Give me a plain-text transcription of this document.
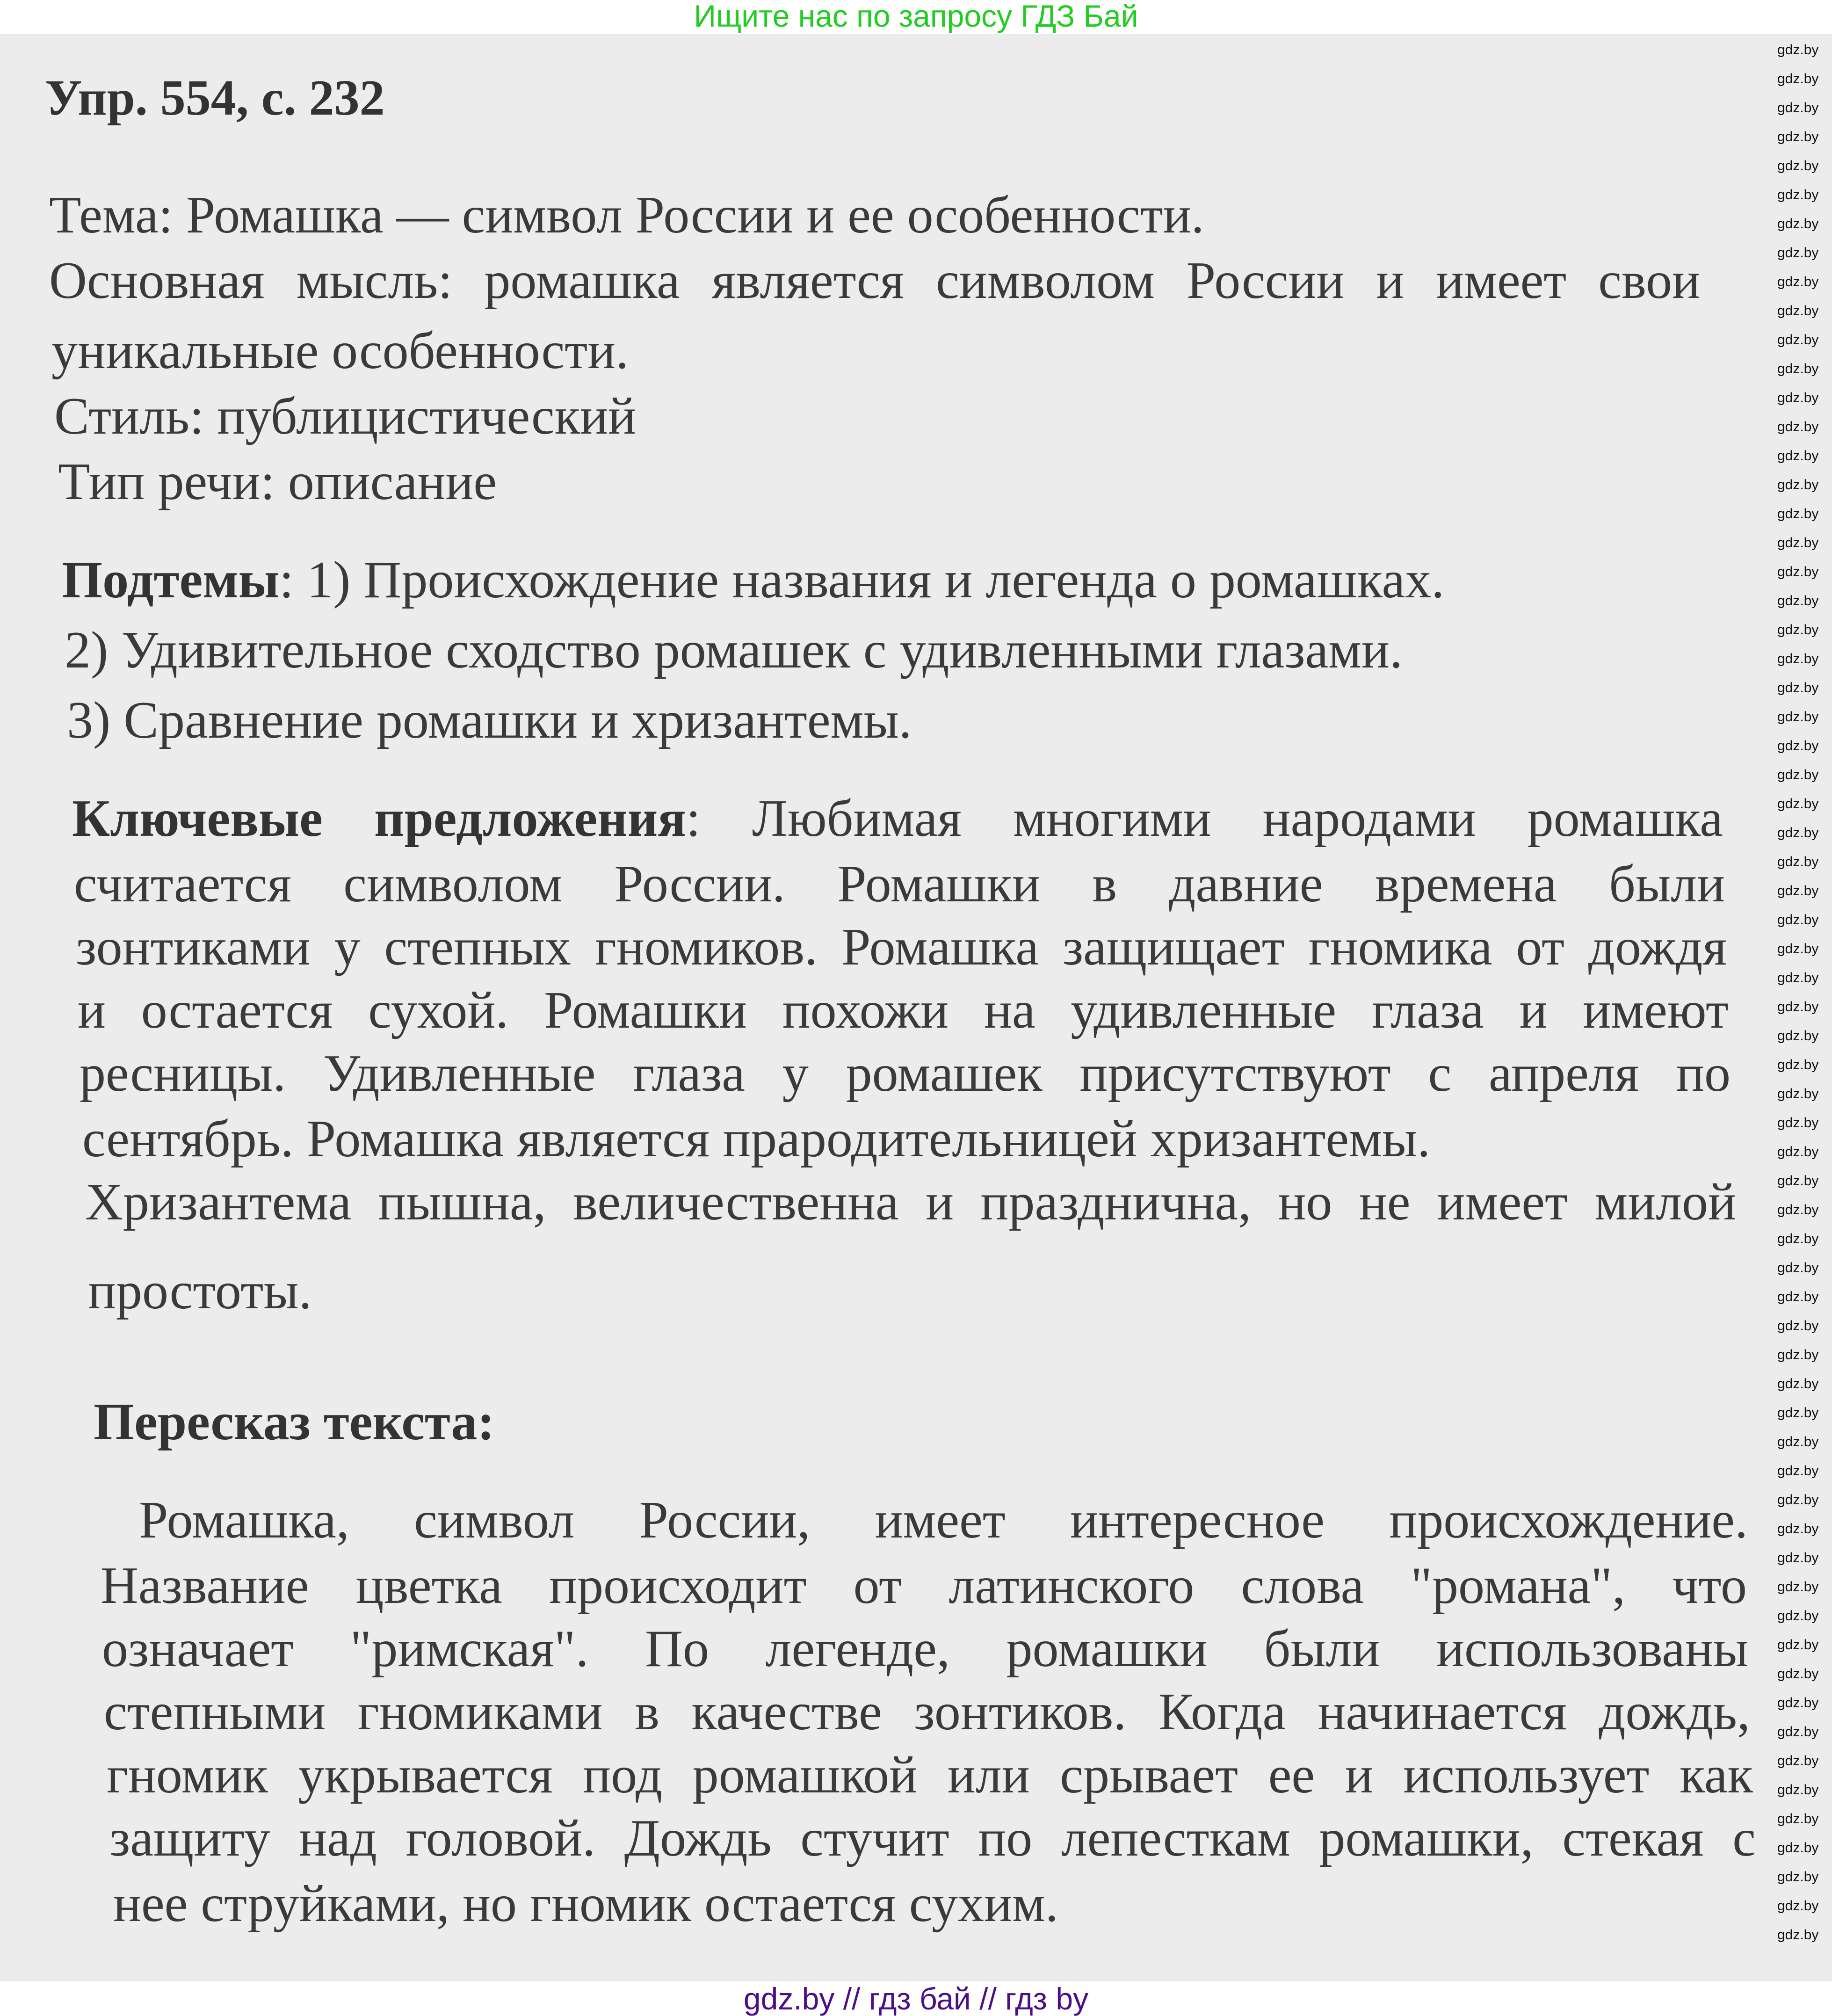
Ищите нас по запросу ГДЗ Бай
Упр. 554, с. 232
Тема: Ромашка — символ России и ее особенности.
Основная мысль: ромашка является символом России и имеет свои
уникальные особенности.
Стиль: публицистический
Тип речи: описание
Подтемы: 1) Происхождение названия и легенда о ромашках.
2) Удивительное сходство ромашек с удивленными глазами.
3) Сравнение ромашки и хризантемы.
Ключевые предложения: Любимая многими народами ромашка
считается символом России. Ромашки в давние времена были
зонтиками у степных гномиков. Ромашка защищает гномика от дождя
и остается сухой. Ромашки похожи на удивленные глаза и имеют
ресницы. Удивленные глаза у ромашек присутствуют с апреля по
сентябрь. Ромашка является прародительницей хризантемы.
Хризантема пышна, величественна и празднична, но не имеет милой
простоты.
Пересказ текста:
Ромашка, символ России, имеет интересное происхождение.
Название цветка происходит от латинского слова "романа", что
означает "римская". По легенде, ромашки были использованы
степными гномиками в качестве зонтиков. Когда начинается дождь,
гномик укрывается под ромашкой или срывает ее и использует как
защиту над головой. Дождь стучит по лепесткам ромашки, стекая с
нее струйками, но гномик остается сухим.
gdz.by
gdz.by
gdz.by
gdz.by
gdz.by
gdz.by
gdz.by
gdz.by
gdz.by
gdz.by
gdz.by
gdz.by
gdz.by
gdz.by
gdz.by
gdz.by
gdz.by
gdz.by
gdz.by
gdz.by
gdz.by
gdz.by
gdz.by
gdz.by
gdz.by
gdz.by
gdz.by
gdz.by
gdz.by
gdz.by
gdz.by
gdz.by
gdz.by
gdz.by
gdz.by
gdz.by
gdz.by
gdz.by
gdz.by
gdz.by
gdz.by
gdz.by
gdz.by
gdz.by
gdz.by
gdz.by
gdz.by
gdz.by
gdz.by
gdz.by
gdz.by
gdz.by
gdz.by
gdz.by
gdz.by
gdz.by
gdz.by
gdz.by
gdz.by
gdz.by
gdz.by
gdz.by
gdz.by
gdz.by
gdz.by
gdz.by
gdz.by // гдз бай // гдз by
